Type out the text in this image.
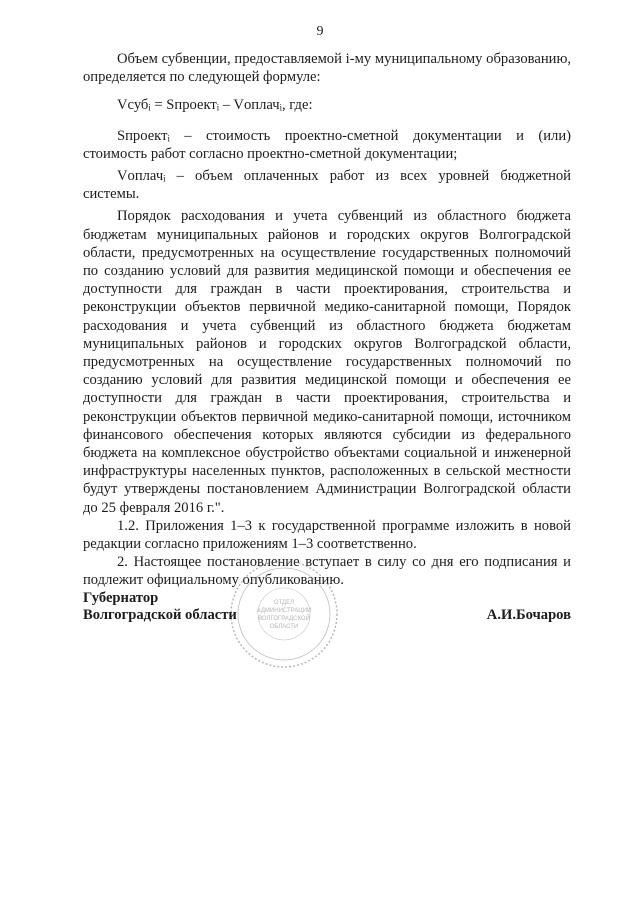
9

Объем субвенции, предоставляемой i-му муниципальному образованию, определяется по следующей формуле:

Vсубᵢ = Sпроектᵢ – Vоплачᵢ, где:

Sпроектᵢ – стоимость проектно-сметной документации и (или) стоимость работ согласно проектно-сметной документации;

Vоплачᵢ – объем оплаченных работ из всех уровней бюджетной системы.

Порядок расходования и учета субвенций из областного бюджета бюджетам муниципальных районов и городских округов Волгоградской области, предусмотренных на осуществление государственных полномочий по созданию условий для развития медицинской помощи и обеспечения ее доступности для граждан в части проектирования, строительства и реконструкции объектов первичной медико-санитарной помощи, Порядок расходования и учета субвенций из областного бюджета бюджетам муниципальных районов и городских округов Волгоградской области, предусмотренных на осуществление государственных полномочий по созданию условий для развития медицинской помощи и обеспечения ее доступности для граждан в части проектирования, строительства и реконструкции объектов первичной медико-санитарной помощи, источником финансового обеспечения которых являются субсидии из федерального бюджета на комплексное обустройство объектами социальной и инженерной инфраструктуры населенных пунктов, расположенных в сельской местности будут утверждены постановлением Администрации Волгоградской области до 25 февраля 2016 г.".

1.2. Приложения 1–3 к государственной программе изложить в новой редакции согласно приложениям 1–3 соответственно.

2. Настоящее постановление вступает в силу со дня его подписания и подлежит официальному опубликованию.

ОТДЕЛ
АДМИНИСТРАЦИИ
ВОЛГОГРАДСКОЙ
ОБЛАСТИ
Губернатор
Волгоградской области	А.И.Бочаров
